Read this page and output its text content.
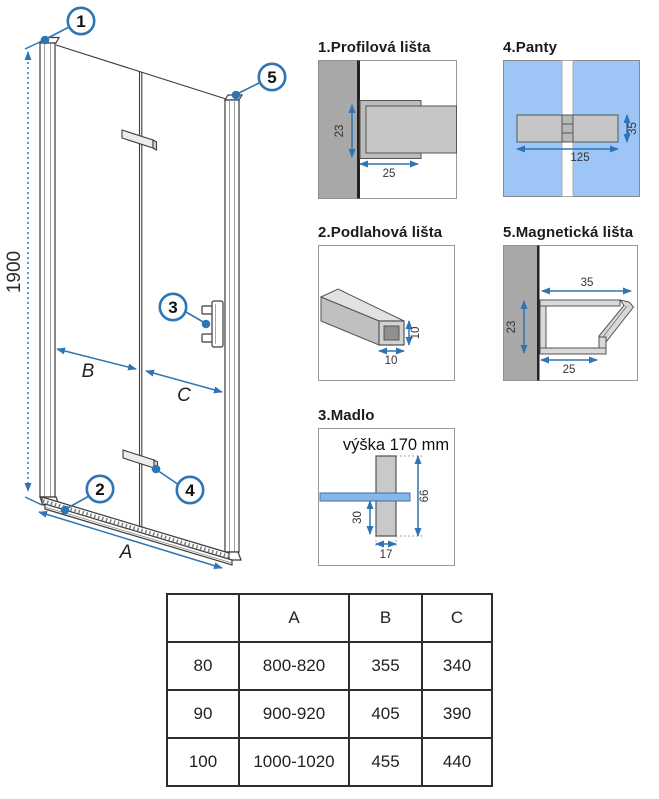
1900
B
C
A
1
5
3
2	4
1.Profilová lišta
23
25
4.Panty
35
125
2.Podlahová lišta
10
10
5.Magnetická lišta
35
23
25
3.Madlo
výška 170 mm
66
30
17
	A	B	C
80	800-820	355	340
90	900-920	405	390
100	1000-1020	455	440
